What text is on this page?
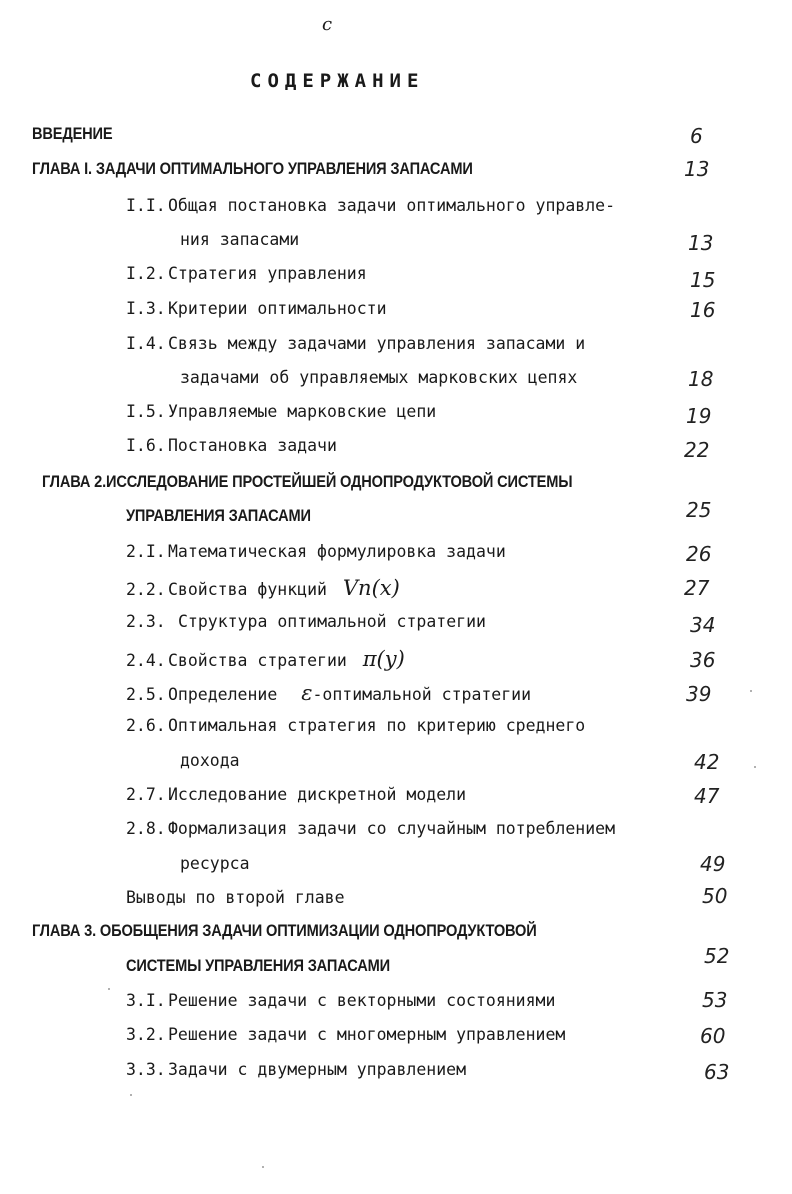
с
СОДЕРЖАНИЕ
ВВЕДЕНИЕ	6
ГЛАВА I. ЗАДАЧИ ОПТИМАЛЬНОГО УПРАВЛЕНИЯ ЗАПАСАМИ	13
I.I. Общая постановка задачи оптимального управле-
ния запасами	13
I.2. Стратегия управления	15
I.3. Критерии оптимальности	16
I.4. Связь между задачами управления запасами и
задачами об управляемых марковских цепях	18
I.5. Управляемые марковские цепи	19
I.6. Постановка задачи	22
ГЛАВА 2.ИССЛЕДОВАНИЕ ПРОСТЕЙШЕЙ ОДНОПРОДУКТОВОЙ СИСТЕМЫ
УПРАВЛЕНИЯ ЗАПАСАМИ	25
2.I. Математическая формулировка задачи	26
2.2. Свойства функций Vn(x)	27
2.3. Структура оптимальной стратегии	34
2.4. Свойства стратегии π(y)	36
2.5. Определение ε-оптимальной стратегии	39
2.6. Оптимальная стратегия по критерию среднего
дохода	42
2.7. Исследование дискретной модели	47
2.8. Формализация задачи со случайным потреблением
ресурса	49
Выводы по второй главе	50
ГЛАВА 3. ОБОБЩЕНИЯ ЗАДАЧИ ОПТИМИЗАЦИИ ОДНОПРОДУКТОВОЙ
СИСТЕМЫ УПРАВЛЕНИЯ ЗАПАСАМИ	52
3.I. Решение задачи с векторными состояниями	53
3.2. Решение задачи с многомерным управлением	60
3.3. Задачи с двумерным управлением	63
